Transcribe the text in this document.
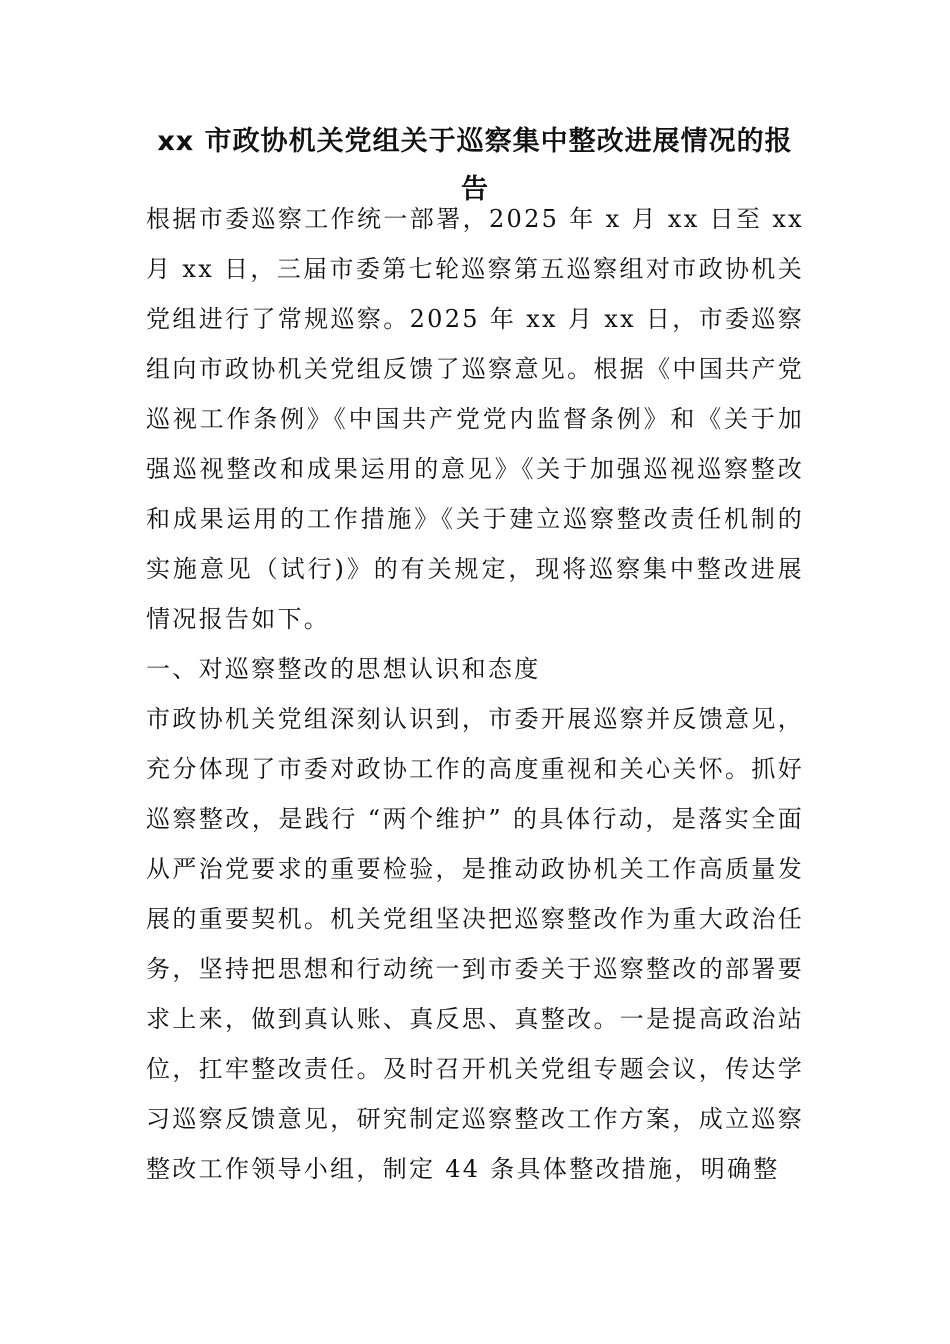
xx 市政协机关党组关于巡察集中整改进展情况的报告

根据市委巡察工作统一部署，2025 年 x 月 xx 日至 xx 月 xx 日，三届市委第七轮巡察第五巡察组对市政协机关党组进行了常规巡察。2025 年 xx 月 xx 日，市委巡察组向市政协机关党组反馈了巡察意见。根据《中国共产党巡视工作条例》《中国共产党党内监督条例》和《关于加强巡视整改和成果运用的意见》《关于加强巡视巡察整改和成果运用的工作措施》《关于建立巡察整改责任机制的实施意见（试行)》的有关规定，现将巡察集中整改进展情况报告如下。

一、对巡察整改的思想认识和态度

市政协机关党组深刻认识到，市委开展巡察并反馈意见，充分体现了市委对政协工作的高度重视和关心关怀。抓好巡察整改，是践行 “两个维护” 的具体行动，是落实全面从严治党要求的重要检验，是推动政协机关工作高质量发展的重要契机。机关党组坚决把巡察整改作为重大政治任务，坚持把思想和行动统一到市委关于巡察整改的部署要求上来，做到真认账、真反思、真整改。一是提高政治站位，扛牢整改责任。及时召开机关党组专题会议，传达学习巡察反馈意见，研究制定巡察整改工作方案，成立巡察整改工作领导小组，制定 44 条具体整改措施，明确整
